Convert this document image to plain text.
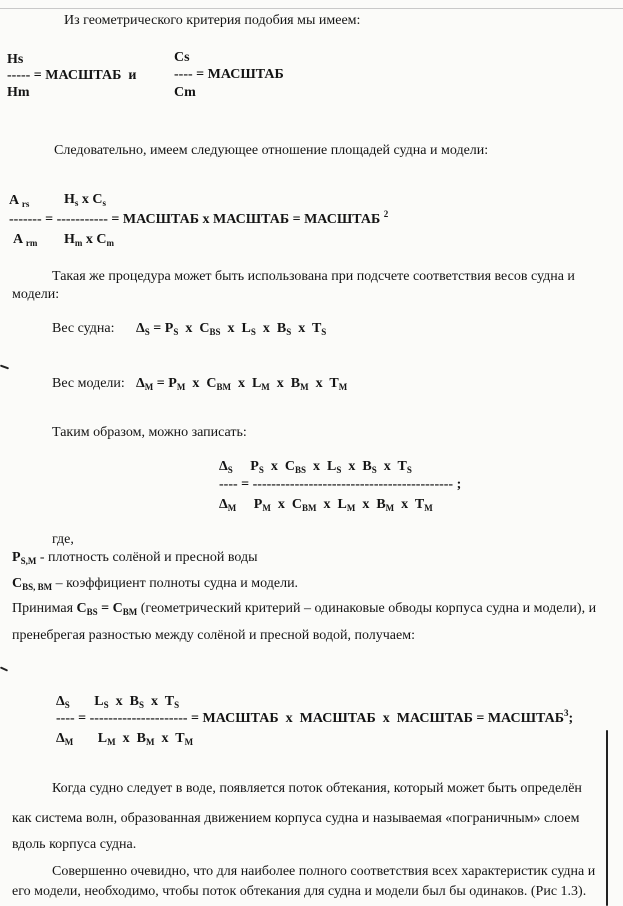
Из геометрического критерия подобия мы имеем:
Hs
----- = МАСШТАБ  и
Hm
Cs
---- = МАСШТАБ
Cm
Следовательно, имеем следующее отношение площадей судна и модели:
A $_{rs}$ $H_s$ x $C_s$
------- = ----------- = МАСШТАБ x МАСШТАБ = МАСШТАБ $^2$
A $_{rm}$ $H_m$ x $C_m$
Такая же процедура может быть использована при подсчете соответствия весов судна и
модели:
Вес судна: $\Delta_S = P_S$  x  $C_{BS}$  x  $L_S$  x  $B_S$  x  $T_S$
Вес модели: $\Delta_M = P_M$  x  $C_{BM}$  x  $L_M$  x  $B_M$  x  $T_M$
Таким образом, можно записать:
$\Delta_S$     $P_S$  x  $C_{BS}$  x  $L_S$  x  $B_S$  x  $T_S$
---- = ------------------------------------------- ;
$\Delta_M$     $P_M$  x  $C_{BM}$  x  $L_M$  x  $B_M$  x  $T_M$
где,
$P_{S,M}$ - плотность солёной и пресной воды
$C_{BS, BM}$ – коэффициент полноты судна и модели.
Принимая $C_{BS} = C_{BM}$ (геометрический критерий – одинаковые обводы корпуса судна и модели), и
пренебрегая разностью между солёной и пресной водой, получаем:
$\Delta_S$       $L_S$  x  $B_S$  x  $T_S$
---- = --------------------- = МАСШТАБ  x  МАСШТАБ  x  МАСШТАБ = $МАСШТАБ^3$;
$\Delta_M$       $L_M$  x  $B_M$  x  $T_M$
Когда судно следует в воде, появляется поток обтекания, который может быть определён
как система волн, образованная движением корпуса судна и называемая «пограничным» слоем
вдоль корпуса судна.
Совершенно очевидно, что для наиболее полного соответствия всех характеристик судна и
его модели, необходимо, чтобы поток обтекания для судна и модели был бы одинаков. (Рис 1.3).
